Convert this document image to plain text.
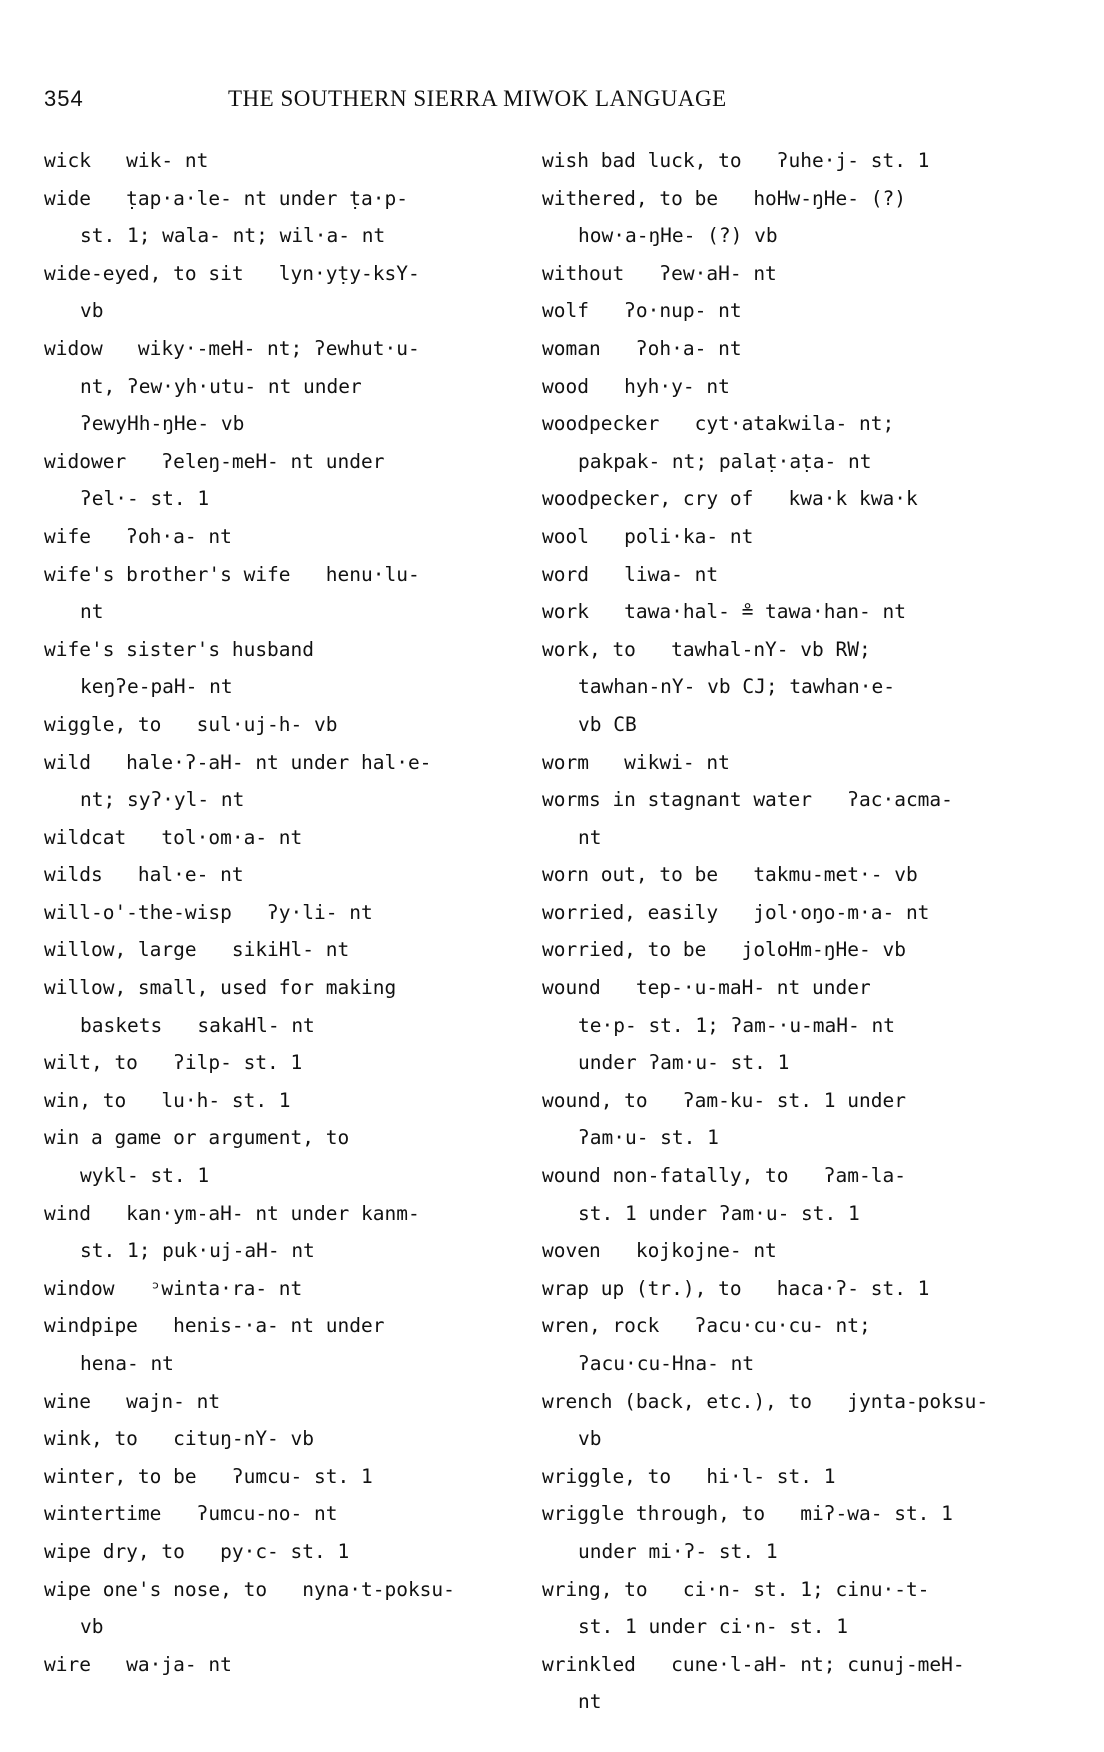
354	THE SOUTHERN SIERRA MIWOK LANGUAGE
wick   wik- nt
wide   ṭap·a·le- nt under ṭa·p-
st. 1; wala- nt; wil·a- nt
wide-eyed, to sit   lyn·yṭy-ksY-
vb
widow   wiky·-meH- nt; ʔewhut·u-
nt, ʔew·yh·utu- nt under
ʔewyHh-ŋHe- vb
widower   ʔeleŋ-meH- nt under
ʔel·- st. 1
wife   ʔoh·a- nt
wife's brother's wife   henu·lu-
nt
wife's sister's husband
keŋʔe-paH- nt
wiggle, to   sul·uj-h- vb
wild   hale·ʔ-aH- nt under hal·e-
nt; syʔ·yl- nt
wildcat   tol·om·a- nt
wilds   hal·e- nt
will-o'-the-wisp   ʔy·li- nt
willow, large   sikiHl- nt
willow, small, used for making
baskets   sakaHl- nt
wilt, to   ʔilp- st. 1
win, to   lu·h- st. 1
win a game or argument, to
wykl- st. 1
wind   kan·ym-aH- nt under kanm-
st. 1; puk·uj-aH- nt
window   ᵓwinta·ra- nt
windpipe   henis-·a- nt under
hena- nt
wine   wajn- nt
wink, to   cituŋ-nY- vb
winter, to be   ʔumcu- st. 1
wintertime   ʔumcu-no- nt
wipe dry, to   py·c- st. 1
wipe one's nose, to   nyna·t-poksu-
vb
wire   wa·ja- nt
wish bad luck, to   ʔuhe·j- st. 1
withered, to be   hoHw-ŋHe- (?)
how·a-ŋHe- (?) vb
without   ʔew·aH- nt
wolf   ʔo·nup- nt
woman   ʔoh·a- nt
wood   hyh·y- nt
woodpecker   cyt·atakwila- nt;
pakpak- nt; palaṭ·aṭa- nt
woodpecker, cry of   kwa·k kwa·k
wool   poli·ka- nt
word   liwa- nt
work   tawa·hal- ≗ tawa·han- nt
work, to   tawhal-nY- vb RW;
tawhan-nY- vb CJ; tawhan·e-
vb CB
worm   wikwi- nt
worms in stagnant water   ʔac·acma-
nt
worn out, to be   takmu-met·- vb
worried, easily   jol·oŋo-m·a- nt
worried, to be   joloHm-ŋHe- vb
wound   tep-·u-maH- nt under
te·p- st. 1; ʔam-·u-maH- nt
under ʔam·u- st. 1
wound, to   ʔam-ku- st. 1 under
ʔam·u- st. 1
wound non-fatally, to   ʔam-la-
st. 1 under ʔam·u- st. 1
woven   kojkojne- nt
wrap up (tr.), to   haca·ʔ- st. 1
wren, rock   ʔacu·cu·cu- nt;
ʔacu·cu-Hna- nt
wrench (back, etc.), to   jynta-poksu-
vb
wriggle, to   hi·l- st. 1
wriggle through, to   miʔ-wa- st. 1
under mi·ʔ- st. 1
wring, to   ci·n- st. 1; cinu·-t-
st. 1 under ci·n- st. 1
wrinkled   cune·l-aH- nt; cunuj-meH-
nt
